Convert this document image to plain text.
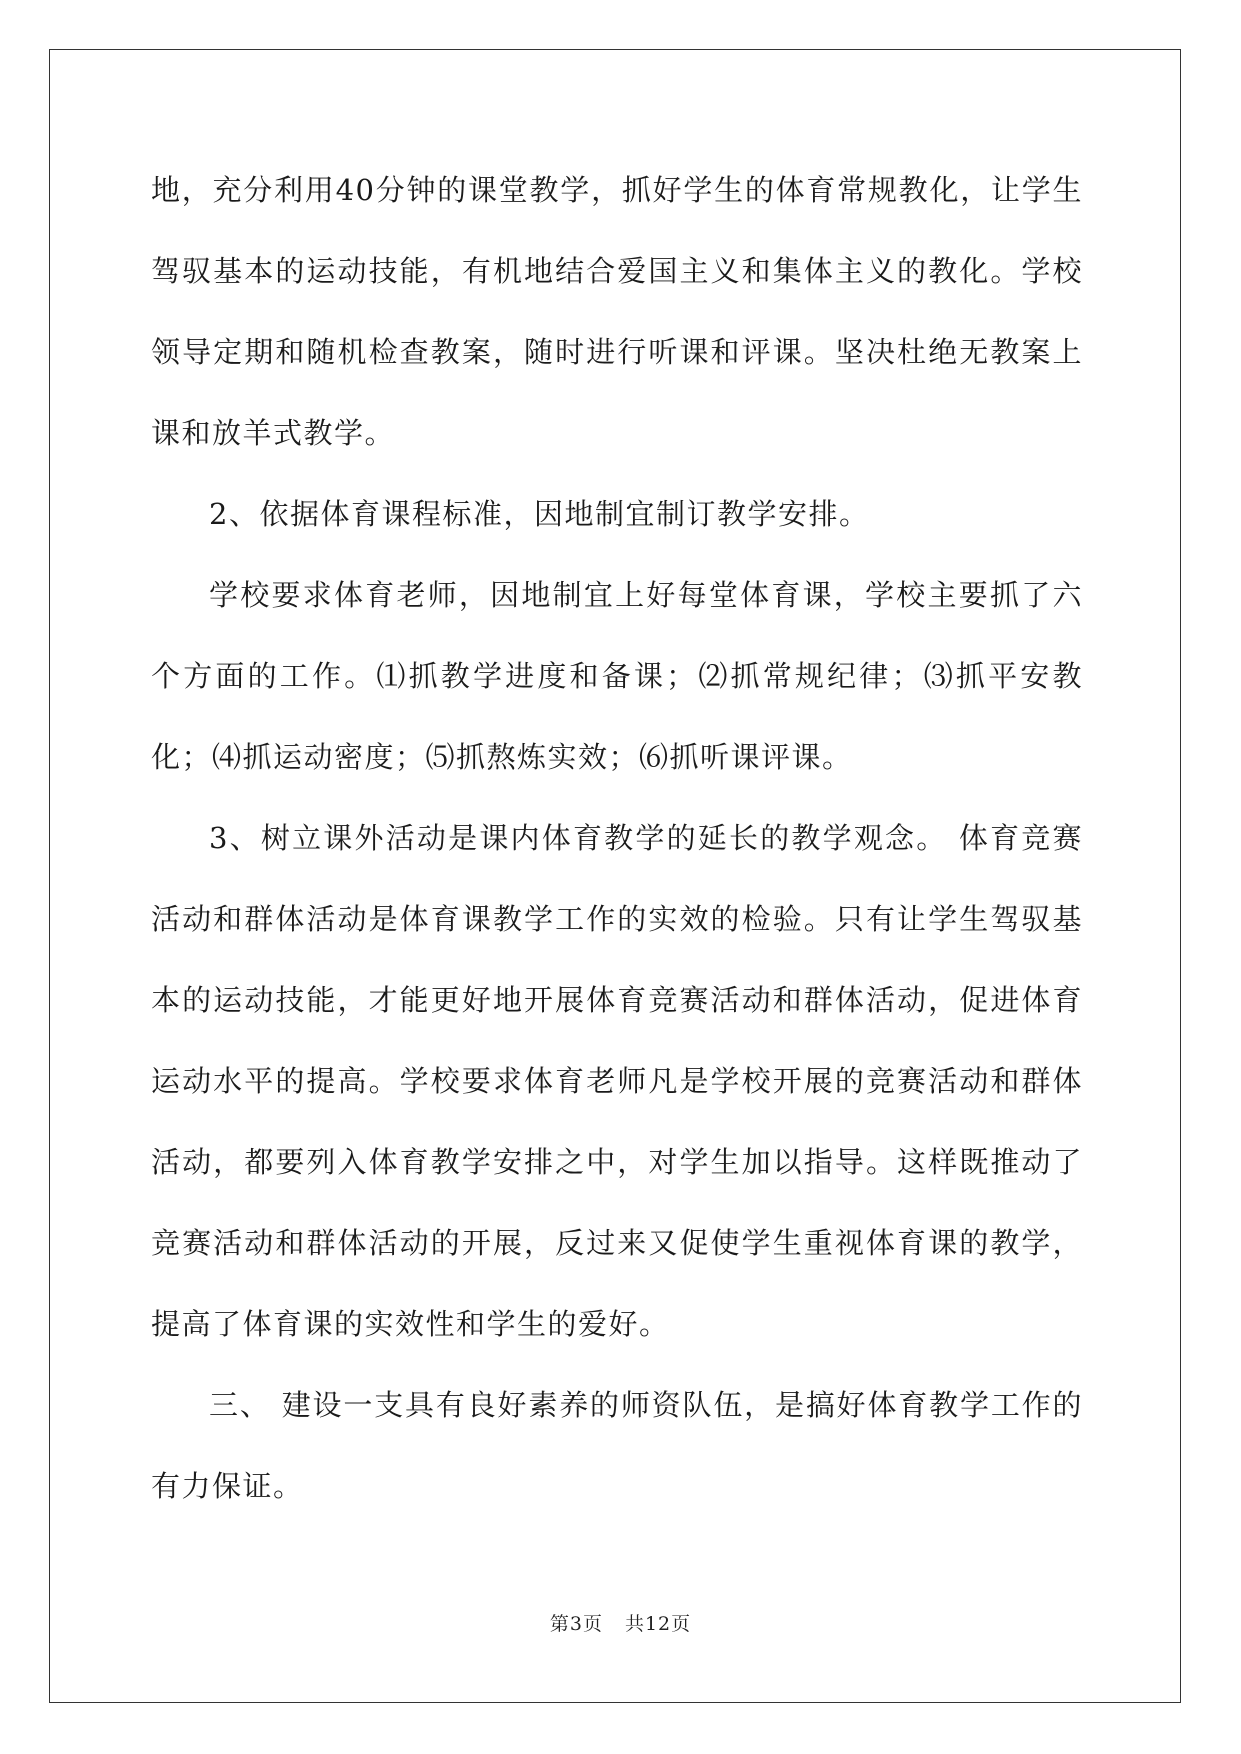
地，充分利用40分钟的课堂教学，抓好学生的体育常规教化，让学生驾驭基本的运动技能，有机地结合爱国主义和集体主义的教化。学校领导定期和随机检查教案，随时进行听课和评课。坚决杜绝无教案上课和放羊式教学。

2、依据体育课程标准，因地制宜制订教学安排。

学校要求体育老师，因地制宜上好每堂体育课，学校主要抓了六个方面的工作。⑴抓教学进度和备课；⑵抓常规纪律；⑶抓平安教化；⑷抓运动密度；⑸抓熬炼实效；⑹抓听课评课。

3、树立课外活动是课内体育教学的延长的教学观念。 体育竞赛活动和群体活动是体育课教学工作的实效的检验。只有让学生驾驭基本的运动技能，才能更好地开展体育竞赛活动和群体活动，促进体育运动水平的提高。学校要求体育老师凡是学校开展的竞赛活动和群体活动，都要列入体育教学安排之中，对学生加以指导。这样既推动了竞赛活动和群体活动的开展，反过来又促使学生重视体育课的教学，提高了体育课的实效性和学生的爱好。

三、 建设一支具有良好素养的师资队伍，是搞好体育教学工作的有力保证。

第3页 共12页
